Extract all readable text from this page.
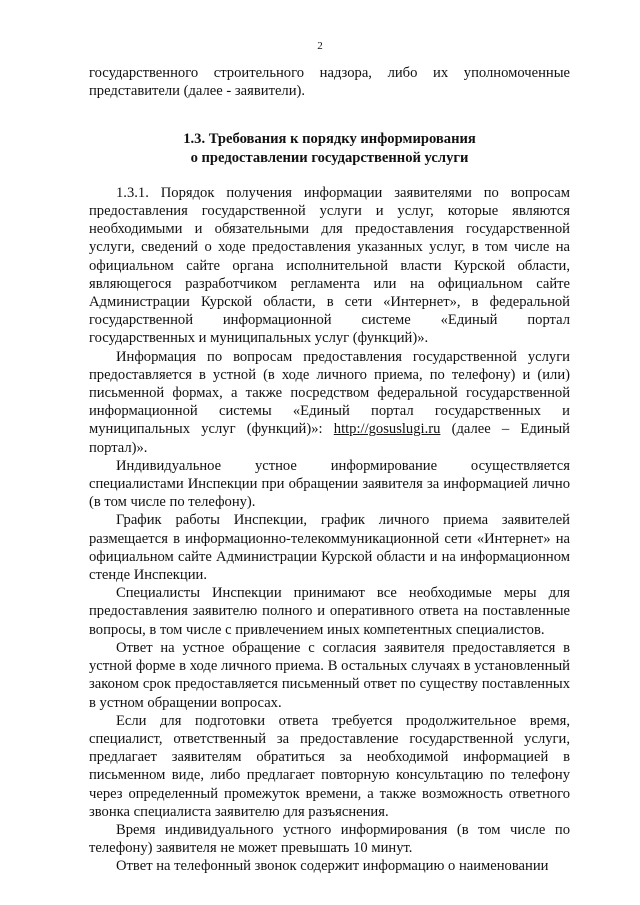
2

государственного строительного надзора, либо их уполномоченные представители (далее - заявители).

1.3. Требования к порядку информирования

о предоставлении государственной услуги

1.3.1. Порядок получения информации заявителями по вопросам предоставления государственной услуги и услуг, которые являются необходимыми и обязательными для предоставления государственной услуги, сведений о ходе предоставления указанных услуг, в том числе на официальном сайте органа исполнительной власти Курской области, являющегося разработчиком регламента или на официальном сайте Администрации Курской области, в сети «Интернет», в федеральной государственной информационной системе «Единый портал государственных и муниципальных услуг (функций)».

Информация по вопросам предоставления государственной услуги предоставляется в устной (в ходе личного приема, по телефону) и (или) письменной формах, а также посредством федеральной государственной информационной системы «Единый портал государственных и муниципальных услуг (функций)»: http://gosuslugi.ru (далее – Единый портал)».

Индивидуальное устное информирование осуществляется специалистами Инспекции при обращении заявителя за информацией лично (в том числе по телефону).

График работы Инспекции, график личного приема заявителей размещается в информационно-телекоммуникационной сети «Интернет» на официальном сайте Администрации Курской области и на информационном стенде Инспекции.

Специалисты Инспекции принимают все необходимые меры для предоставления заявителю полного и оперативного ответа на поставленные вопросы, в том числе с привлечением иных компетентных специалистов.

Ответ на устное обращение с согласия заявителя предоставляется в устной форме в ходе личного приема. В остальных случаях в установленный законом срок предоставляется письменный ответ по существу поставленных в устном обращении вопросах.

Если для подготовки ответа требуется продолжительное время, специалист, ответственный за предоставление государственной услуги, предлагает заявителям обратиться за необходимой информацией в письменном виде, либо предлагает повторную консультацию по телефону через определенный промежуток времени, а также возможность ответного звонка специалиста заявителю для разъяснения.

Время индивидуального устного информирования (в том числе по телефону) заявителя не может превышать 10 минут.

Ответ на телефонный звонок содержит информацию о наименовании
